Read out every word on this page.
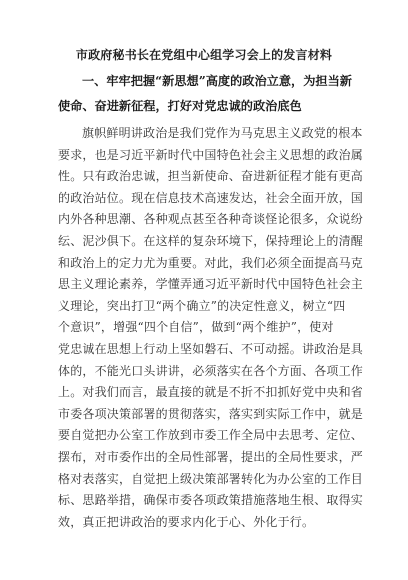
市政府秘书长在党组中心组学习会上的发言材料
一、牢牢把握“新思想”高度的政治立意，为担当新
使命、奋进新征程，打好对党忠诚的政治底色
旗帜鲜明讲政治是我们党作为马克思主义政党的根本
要求，也是习近平新时代中国特色社会主义思想的政治属
性。只有政治忠诚，担当新使命、奋进新征程才能有更高
的政治站位。现在信息技术高速发达，社会全面开放，国
内外各种思潮、各种观点甚至各种奇谈怪论很多，众说纷
纭、泥沙俱下。在这样的复杂环境下，保持理论上的清醒
和政治上的定力尤为重要。对此，我们必须全面提高马克
思主义理论素养，学懂弄通习近平新时代中国特色社会主
义理论，突出打卫“两个确立”的决定性意义，树立“四
个意识”，增强“四个自信”，做到“两个维护”，使对
党忠诚在思想上行动上坚如磐石、不可动摇。讲政治是具
体的，不能光口头讲讲，必须落实在各个方面、各项工作
上。对我们而言，最直接的就是不折不扣抓好党中央和省
市委各项决策部署的贯彻落实，落实到实际工作中，就是
要自觉把办公室工作放到市委工作全局中去思考、定位、
摆布，对市委作出的全局性部署，提出的全局性要求，严
格对表落实，自觉把上级决策部署转化为办公室的工作目
标、思路举措，确保市委各项政策措施落地生根、取得实
效，真正把讲政治的要求内化于心、外化于行。
